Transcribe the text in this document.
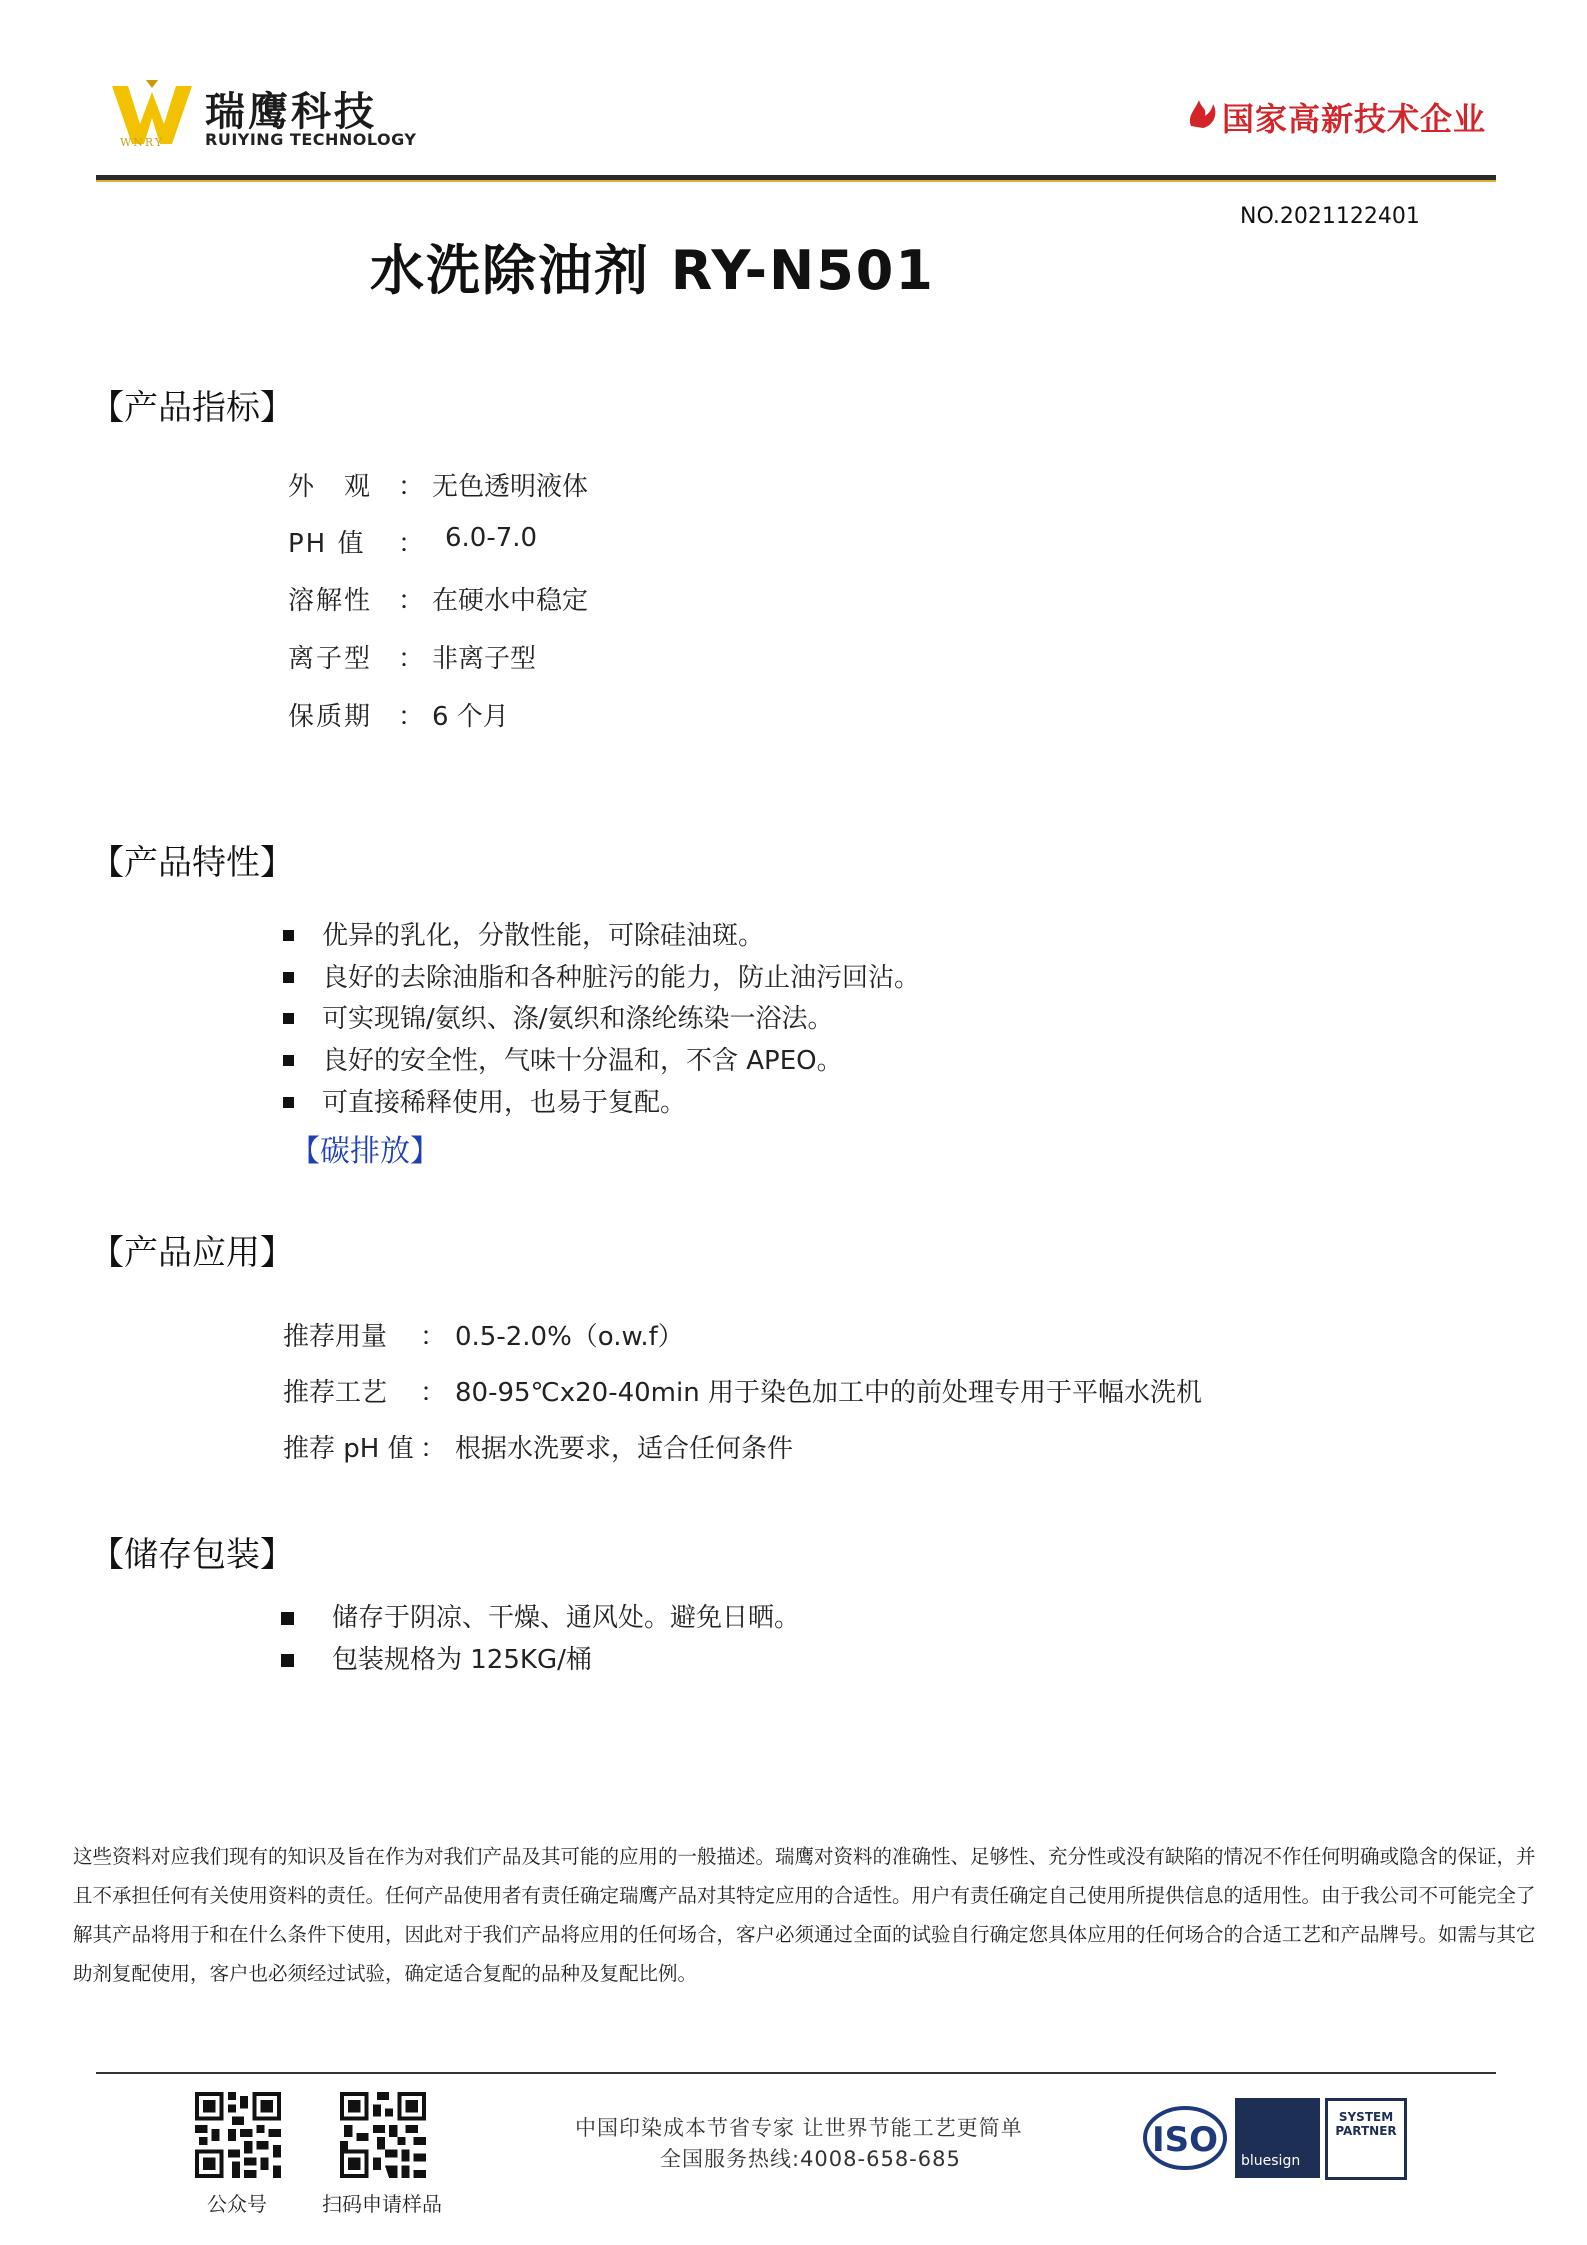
WNRY
瑞鹰科技
RUIYING TECHNOLOGY
国家高新技术企业
NO.2021122401
水洗除油剂 RY-N501
【产品指标】
外　观 ： 无色透明液体
PH 值 ： 6.0-7.0
溶解性 ： 在硬水中稳定
离子型 ： 非离子型
保质期 ： 6 个月
【产品特性】
优异的乳化，分散性能，可除硅油斑。
良好的去除油脂和各种脏污的能力，防止油污回沾。
可实现锦/氨织、涤/氨织和涤纶练染一浴法。
良好的安全性，气味十分温和，不含 APEO。
可直接稀释使用，也易于复配。
【碳排放】
【产品应用】
推荐用量 ： 0.5-2.0%（o.w.f）
推荐工艺 ： 80-95℃x20-40min 用于染色加工中的前处理专用于平幅水洗机
推荐 pH 值 ： 根据水洗要求，适合任何条件
【储存包装】
储存于阴凉、干燥、通风处。避免日晒。
包装规格为 125KG/桶
这些资料对应我们现有的知识及旨在作为对我们产品及其可能的应用的一般描述。瑞鹰对资料的准确性、足够性、充分性或没有缺陷的情况不作任何明确或隐含的保证，并且不承担任何有关使用资料的责任。任何产品使用者有责任确定瑞鹰产品对其特定应用的合适性。用户有责任确定自己使用所提供信息的适用性。由于我公司不可能完全了解其产品将用于和在什么条件下使用，因此对于我们产品将应用的任何场合，客户必须通过全面的试验自行确定您具体应用的任何场合的合适工艺和产品牌号。如需与其它助剂复配使用，客户也必须经过试验，确定适合复配的品种及复配比例。
公众号	扫码申请样品
中国印染成本节省专家 让世界节能工艺更简单
全国服务热线:4008-658-685	ISO
bluesign
SYSTEM PARTNER
